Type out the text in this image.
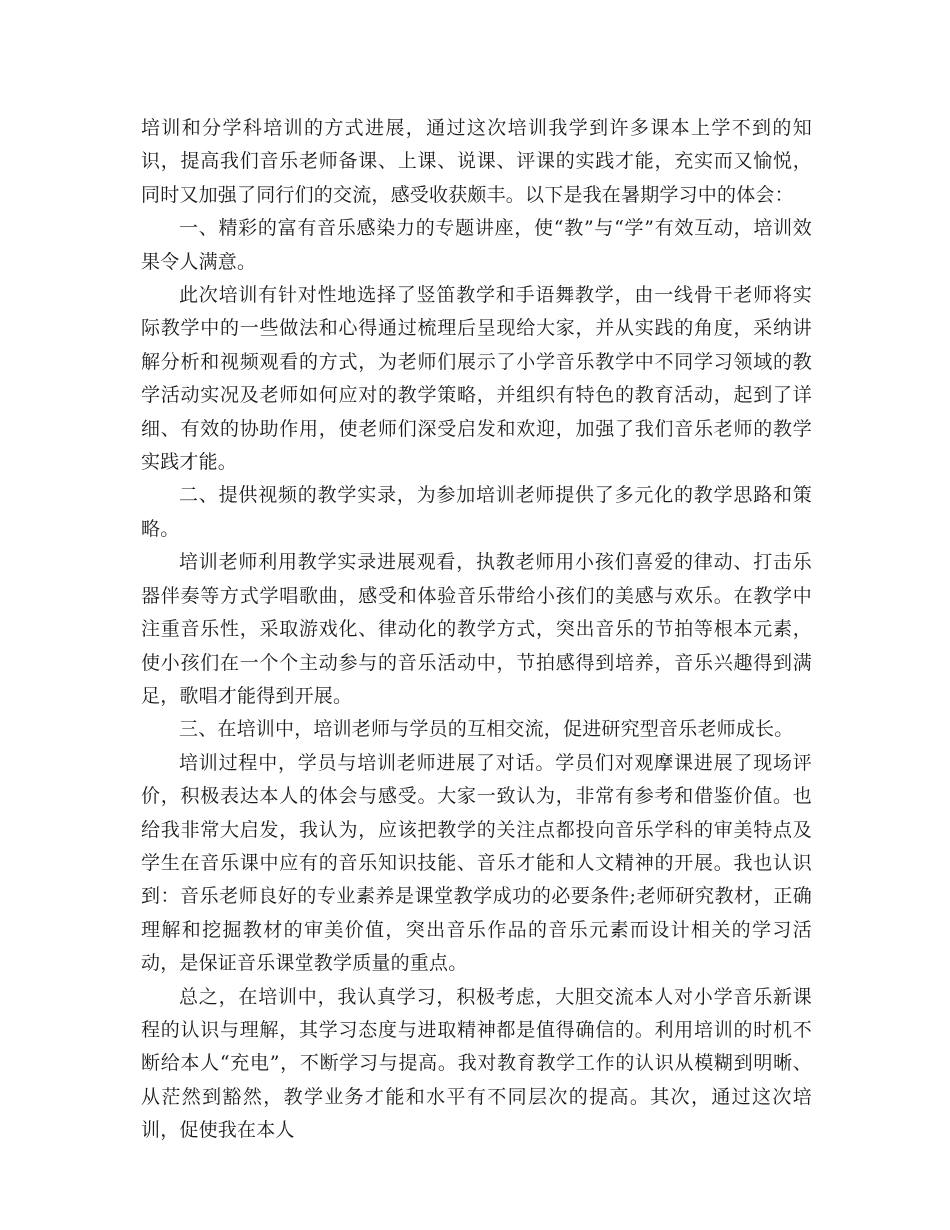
培训和分学科培训的方式进展，通过这次培训我学到许多课本上学不到的知识，提高我们音乐老师备课、上课、说课、评课的实践才能，充实而又愉悦，同时又加强了同行们的交流，感受收获颇丰。以下是我在暑期学习中的体会：

一、精彩的富有音乐感染力的专题讲座，使“教”与“学”有效互动，培训效果令人满意。

此次培训有针对性地选择了竖笛教学和手语舞教学，由一线骨干老师将实际教学中的一些做法和心得通过梳理后呈现给大家，并从实践的角度，采纳讲解分析和视频观看的方式，为老师们展示了小学音乐教学中不同学习领域的教学活动实况及老师如何应对的教学策略，并组织有特色的教育活动，起到了详细、有效的协助作用，使老师们深受启发和欢迎，加强了我们音乐老师的教学实践才能。

二、提供视频的教学实录，为参加培训老师提供了多元化的教学思路和策略。

培训老师利用教学实录进展观看，执教老师用小孩们喜爱的律动、打击乐器伴奏等方式学唱歌曲，感受和体验音乐带给小孩们的美感与欢乐。在教学中注重音乐性，采取游戏化、律动化的教学方式，突出音乐的节拍等根本元素，使小孩们在一个个主动参与的音乐活动中，节拍感得到培养，音乐兴趣得到满足，歌唱才能得到开展。

三、在培训中，培训老师与学员的互相交流，促进研究型音乐老师成长。

培训过程中，学员与培训老师进展了对话。学员们对观摩课进展了现场评价，积极表达本人的体会与感受。大家一致认为，非常有参考和借鉴价值。也给我非常大启发，我认为，应该把教学的关注点都投向音乐学科的审美特点及学生在音乐课中应有的音乐知识技能、音乐才能和人文精神的开展。我也认识到：音乐老师良好的专业素养是课堂教学成功的必要条件;老师研究教材，正确理解和挖掘教材的审美价值，突出音乐作品的音乐元素而设计相关的学习活动，是保证音乐课堂教学质量的重点。

总之，在培训中，我认真学习，积极考虑，大胆交流本人对小学音乐新课程的认识与理解，其学习态度与进取精神都是值得确信的。利用培训的时机不断给本人“充电”，不断学习与提高。我对教育教学工作的认识从模糊到明晰、从茫然到豁然，教学业务才能和水平有不同层次的提高。其次，通过这次培训，促使我在本人
